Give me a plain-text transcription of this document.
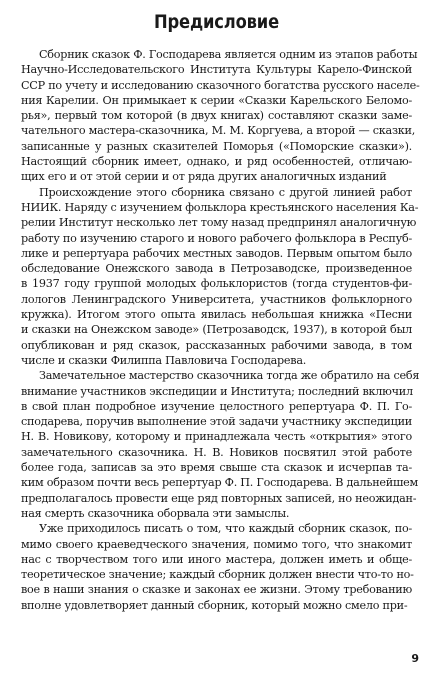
Предисловие

Сборник сказок Ф. Господарева является одним из этапов работы
Научно-Исследовательского Института Культуры Карело-Финской
ССР по учету и исследованию сказочного богатства русского населе-
ния Карелии. Он примыкает к серии «Сказки Карельского Беломо-
рья», первый том которой (в двух книгах) составляют сказки заме-
чательного мастера-сказочника, М. М. Коргуева, а второй — сказки,
записанные у разных сказителей Поморья («Поморские сказки»).
Настоящий сборник имеет, однако, и ряд особенностей, отличаю-
щих его и от этой серии и от ряда других аналогичных изданий

Происхождение этого сборника связано с другой линией работ
НИИК. Наряду с изучением фольклора крестьянского населения Ка-
релии Институт несколько лет тому назад предпринял аналогичную
работу по изучению старого и нового рабочего фольклора в Респуб-
лике и репертуара рабочих местных заводов. Первым опытом было
обследование Онежского завода в Петрозаводске, произведенное
в 1937 году группой молодых фольклористов (тогда студентов-фи-
лологов Ленинградского Университета, участников фольклорного
кружка). Итогом этого опыта явилась небольшая книжка «Песни
и сказки на Онежском заводе» (Петрозаводск, 1937), в которой был
опубликован и ряд сказок, рассказанных рабочими завода, в том
числе и сказки Филиппа Павловича Господарева.

Замечательное мастерство сказочника тогда же обратило на себя
внимание участников экспедиции и Института; последний включил
в свой план подробное изучение целостного репертуара Ф. П. Го-
сподарева, поручив выполнение этой задачи участнику экспедиции
Н. В. Новикову, которому и принадлежала честь «открытия» этого
замечательного сказочника. Н. В. Новиков посвятил этой работе
более года, записав за это время свыше ста сказок и исчерпав та-
ким образом почти весь репертуар Ф. П. Господарева. В дальнейшем
предполагалось провести еще ряд повторных записей, но неожидан-
ная смерть сказочника оборвала эти замыслы.

Уже приходилось писать о том, что каждый сборник сказок, по-
мимо своего краеведческого значения, помимо того, что знакомит
нас с творчеством того или иного мастера, должен иметь и обще-
теоретическое значение; каждый сборник должен внести что-то но-
вое в наши знания о сказке и законах ее жизни. Этому требованию
вполне удовлетворяет данный сборник, который можно смело при-

9
